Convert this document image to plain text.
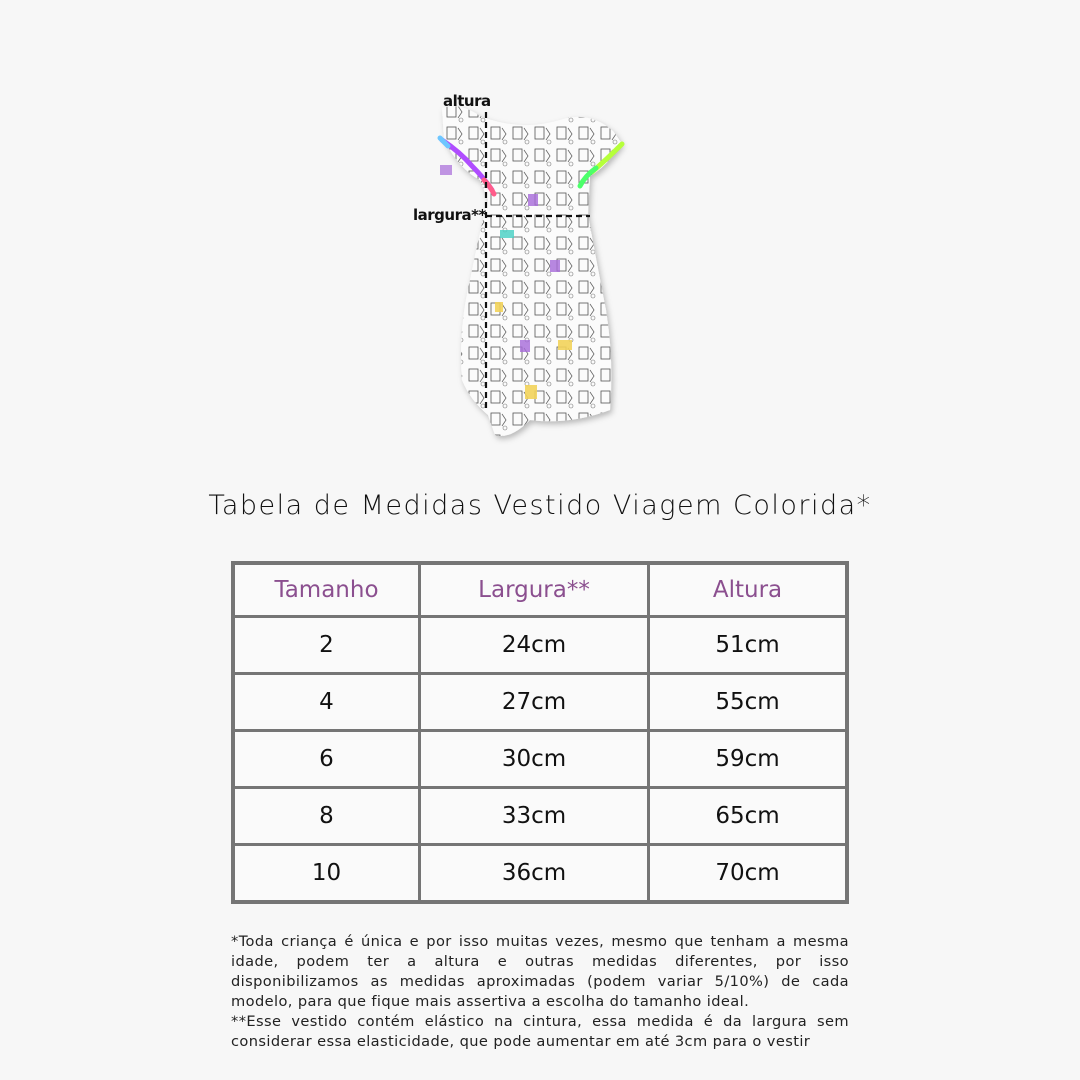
altura
largura**
Tabela de Medidas Vestido Viagem Colorida*
Tamanho	Largura**	Altura
2	24cm	51cm
4	27cm	55cm
6	30cm	59cm
8	33cm	65cm
10	36cm	70cm

*Toda criança é única e por isso muitas vezes, mesmo que tenham a mesma idade, podem ter a altura e outras medidas diferentes, por isso disponibilizamos as medidas aproximadas (podem variar 5/10%) de cada modelo, para que fique mais assertiva a escolha do tamanho ideal.

**Esse vestido contém elástico na cintura, essa medida é da largura sem considerar essa elasticidade, que pode aumentar em até 3cm para o vestir
